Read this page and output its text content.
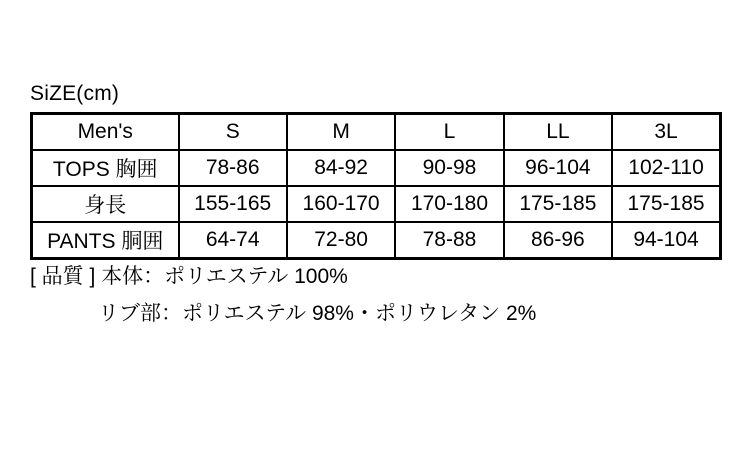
SiZE(cm)
Men's	S	M	L	LL	3L
TOPS 胸囲	78-86	84-92	90-98	96-104	102-110
身長	155-165	160-170	170-180	175-185	175-185
PANTS 胴囲	64-74	72-80	78-88	86-96	94-104
[ 品質 ] 本体：ポリエステル 100%
リブ部：ポリエステル 98%・ポリウレタン 2%
